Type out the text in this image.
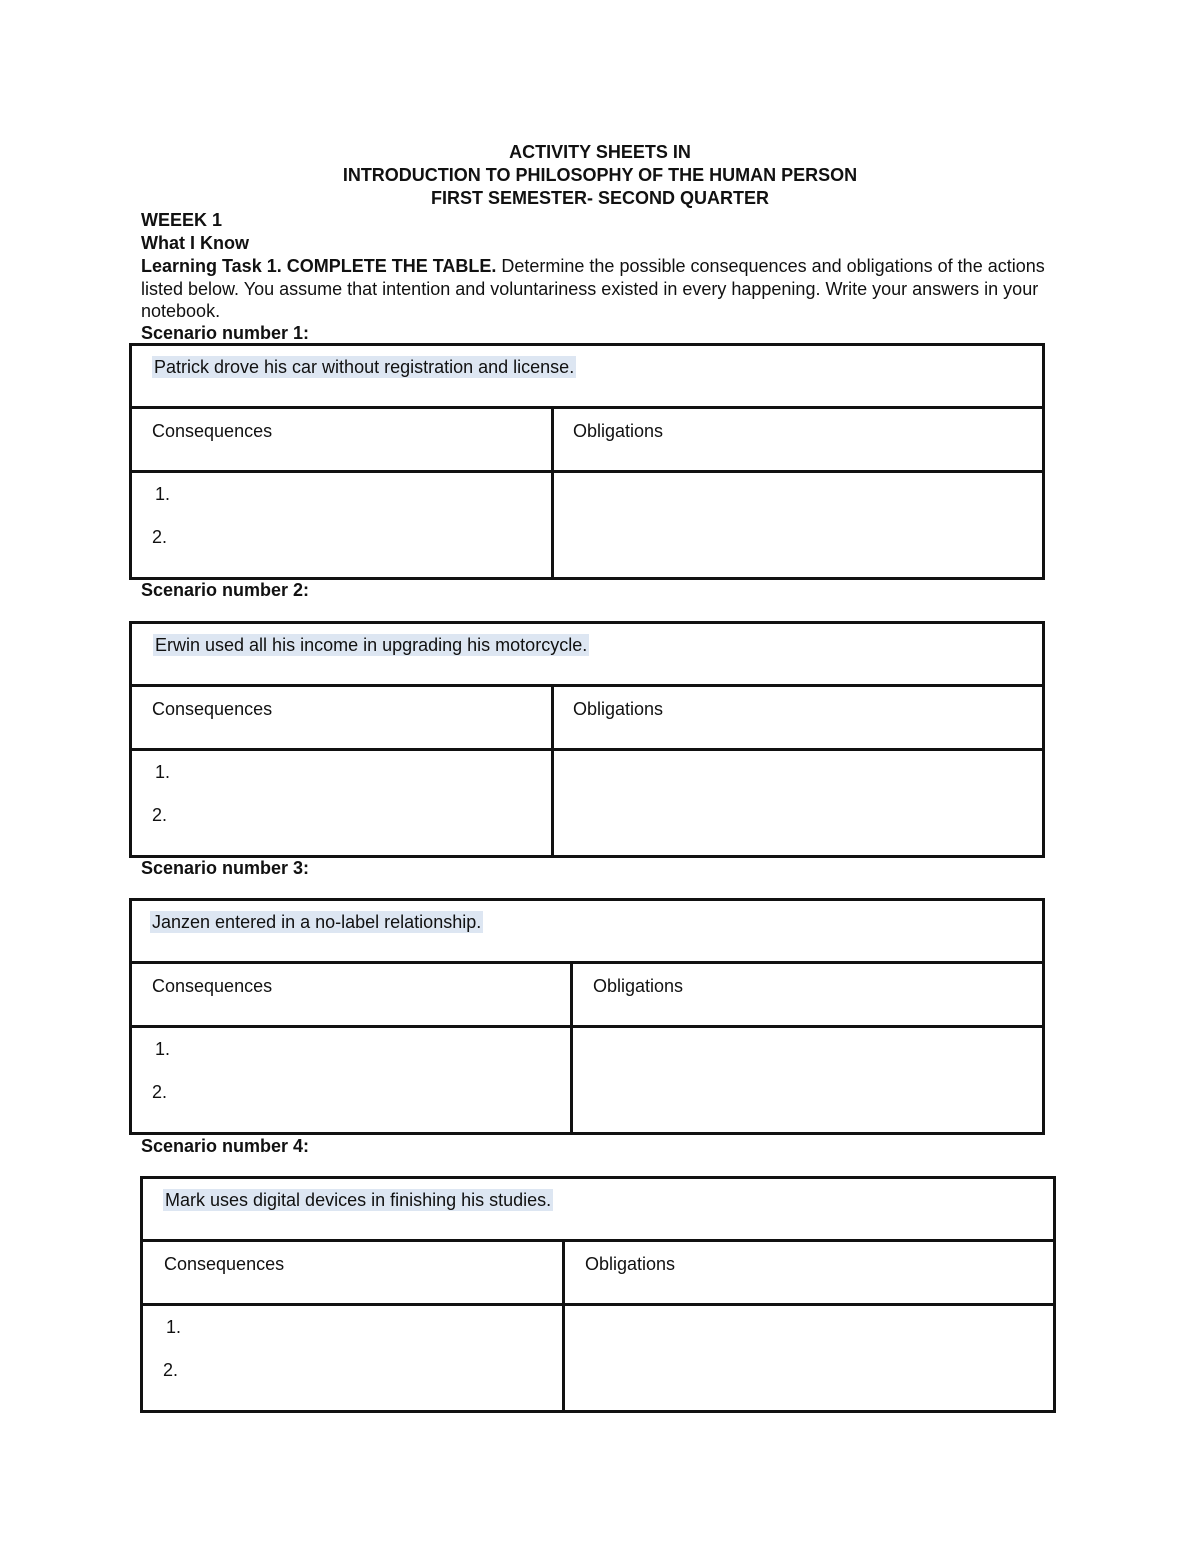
ACTIVITY SHEETS IN
INTRODUCTION TO PHILOSOPHY OF THE HUMAN PERSON
FIRST SEMESTER- SECOND QUARTER
WEEEK 1
What I Know
Learning Task 1. COMPLETE THE TABLE. Determine the possible consequences and obligations of the actions listed below. You assume that intention and voluntariness existed in every happening. Write your answers in your notebook.
Scenario number 1:
Patrick drove his car without registration and license.
Consequences	Obligations
1.
2.
Scenario number 2:
Erwin used all his income in upgrading his motorcycle.
Consequences	Obligations
1.
2.
Scenario number 3:
Janzen entered in a no-label relationship.
Consequences	Obligations
1.
2.
Scenario number 4:
Mark uses digital devices in finishing his studies.
Consequences	Obligations
1.
2.
